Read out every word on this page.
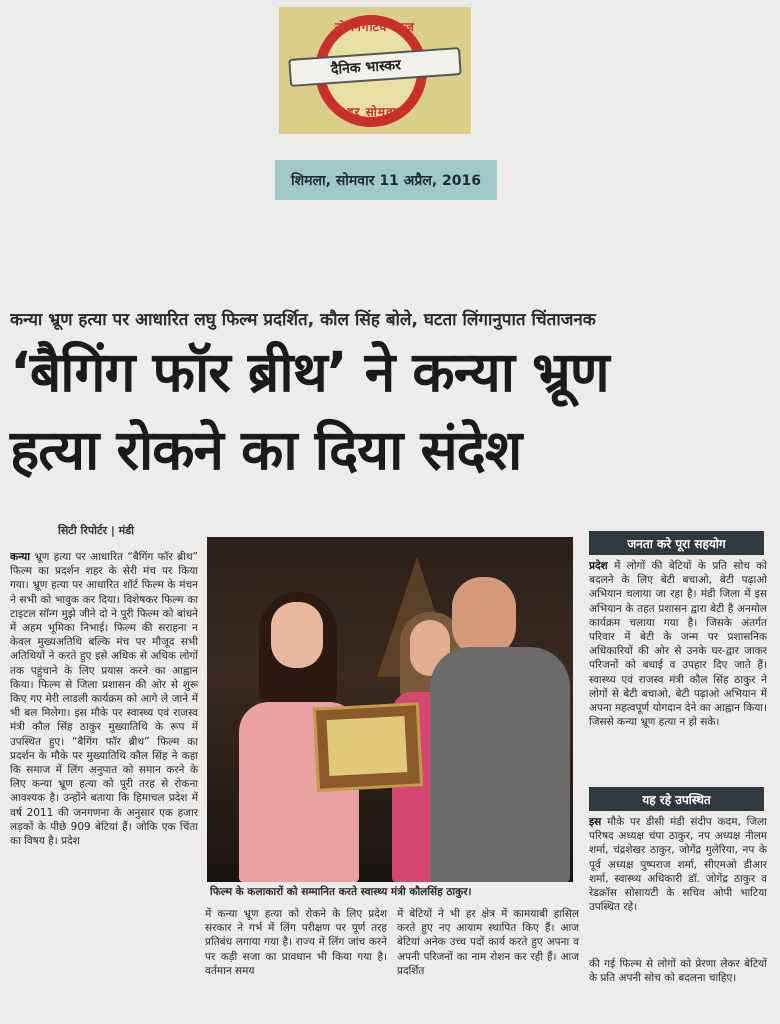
नो निगेटिव न्यूज़
दैनिक भास्कर
हर सोमवार
शिमला, सोमवार 11 अप्रैल, 2016
कन्या भ्रूण हत्या पर आधारित लघु फिल्म प्रदर्शित, कौल सिंह बोले, घटता लिंगानुपात चिंताजनक
‘बैगिंग फॉर ब्रीथ’ ने कन्या भ्रूण
हत्या रोकने का दिया संदेश
सिटी रिपोर्टर | मंडी
कन्या भ्रूण हत्या पर आधारित “बैगिंग फॉर ब्रीथ” फिल्म का प्रदर्शन शहर के सेरी मंच पर किया गया। भ्रूण हत्या पर आधारित शॉर्ट फिल्म के मंचन ने सभी को भावुक कर दिया। विशेषकर फिल्म का टाइटल सॉन्ग मुझे जीने दो ने पूरी फिल्म को बांधने में अहम भूमिका निभाई। फिल्म की सराहना न केवल मुख्यअतिथि बल्कि मंच पर मौजूद सभी अतिथियों ने करते हुए इसे अधिक से अधिक लोगों तक पहुंचाने के लिए प्रयास करने का आह्वान किया। फिल्म से जिला प्रशासन की ओर से शुरू किए गए मेरी लाडली कार्यक्रम को आगे ले जाने में भी बल मिलेगा। इस मौके पर स्वास्थ्य एवं राजस्व मंत्री कौल सिंह ठाकुर मुख्यातिथि के रूप में उपस्थित हुए। “बैगिंग फॉर ब्रीथ” फिल्म का प्रदर्शन के मौके पर मुख्यातिथि कौल सिंह ने कहा कि समाज में लिंग अनुपात को समान करने के लिए कन्या भ्रूण हत्या को पूरी तरह से रोकना आवश्यक है। उन्होंने बताया कि हिमाचल प्रदेश में वर्ष 2011 की जनगणना के अनुसार एक हजार लड़कों के पीछे 909 बेटियां हैं। जोकि एक चिंता का विषय है। प्रदेश
फिल्म के कलाकारों को सम्मानित करते स्वास्थ्य मंत्री कौलसिंह ठाकुर।
में कन्या भ्रूण हत्या को रोकने के लिए प्रदेश सरकार ने गर्भ में लिंग परीक्षण पर पूर्ण तरह प्रतिबंध लगाया गया है। राज्य में लिंग जांच करने पर कड़ी सजा का प्रावधान भी किया गया है। वर्तमान समय
में बेटियों ने भी हर क्षेत्र में कामयाबी हासिल करते हुए नए आयाम स्थापित किए हैं। आज बेटियां अनेक उच्च पदों कार्य करते हुए अपना व अपनी परिजनों का नाम रोशन कर रही हैं। आज प्रदर्शित
जनता करे पूरा सहयोग
प्रदेश में लोगों की बेटियों के प्रति सोच को बदलने के लिए बेटी बचाओ, बेटी पढ़ाओ अभियान चलाया जा रहा है। मंडी जिला में इस अभियान के तहत प्रशासन द्वारा बेटी है अनमोल कार्यक्रम चलाया गया है। जिसके अंतर्गत परिवार में बेटी के जन्म पर प्रशासनिक अधिकारियों की ओर से उनके घर-द्वार जाकर परिजनों को बधाई व उपहार दिए जाते हैं। स्वास्थ्य एवं राजस्व मंत्री कौल सिंह ठाकुर ने लोगों से बेटी बचाओ, बेटी पढ़ाओ अभियान में अपना महत्वपूर्ण योगदान देने का आह्वान किया। जिससे कन्या भ्रूण हत्या न हो सके।
यह रहे उपस्थित
इस मौके पर डीसी मंडी संदीप कदम, जिला परिषद अध्यक्ष चंपा ठाकुर, नप अध्यक्ष नीलम शर्मा, चंद्रशेखर ठाकुर, जोगेंद्र गुलेरिया, नप के पूर्व अध्यक्ष पुष्पराज शर्मा, सीएमओ डीआर शर्मा, स्वास्थ्य अधिकारी डॉ. जोगेंद्र ठाकुर व रेडक्रॉस सोसायटी के सचिव ओपी भाटिया उपस्थित रहे।
की गई फिल्म से लोगों को प्रेरणा लेकर बेटियों के प्रति अपनी सोच को बदलना चाहिए।
